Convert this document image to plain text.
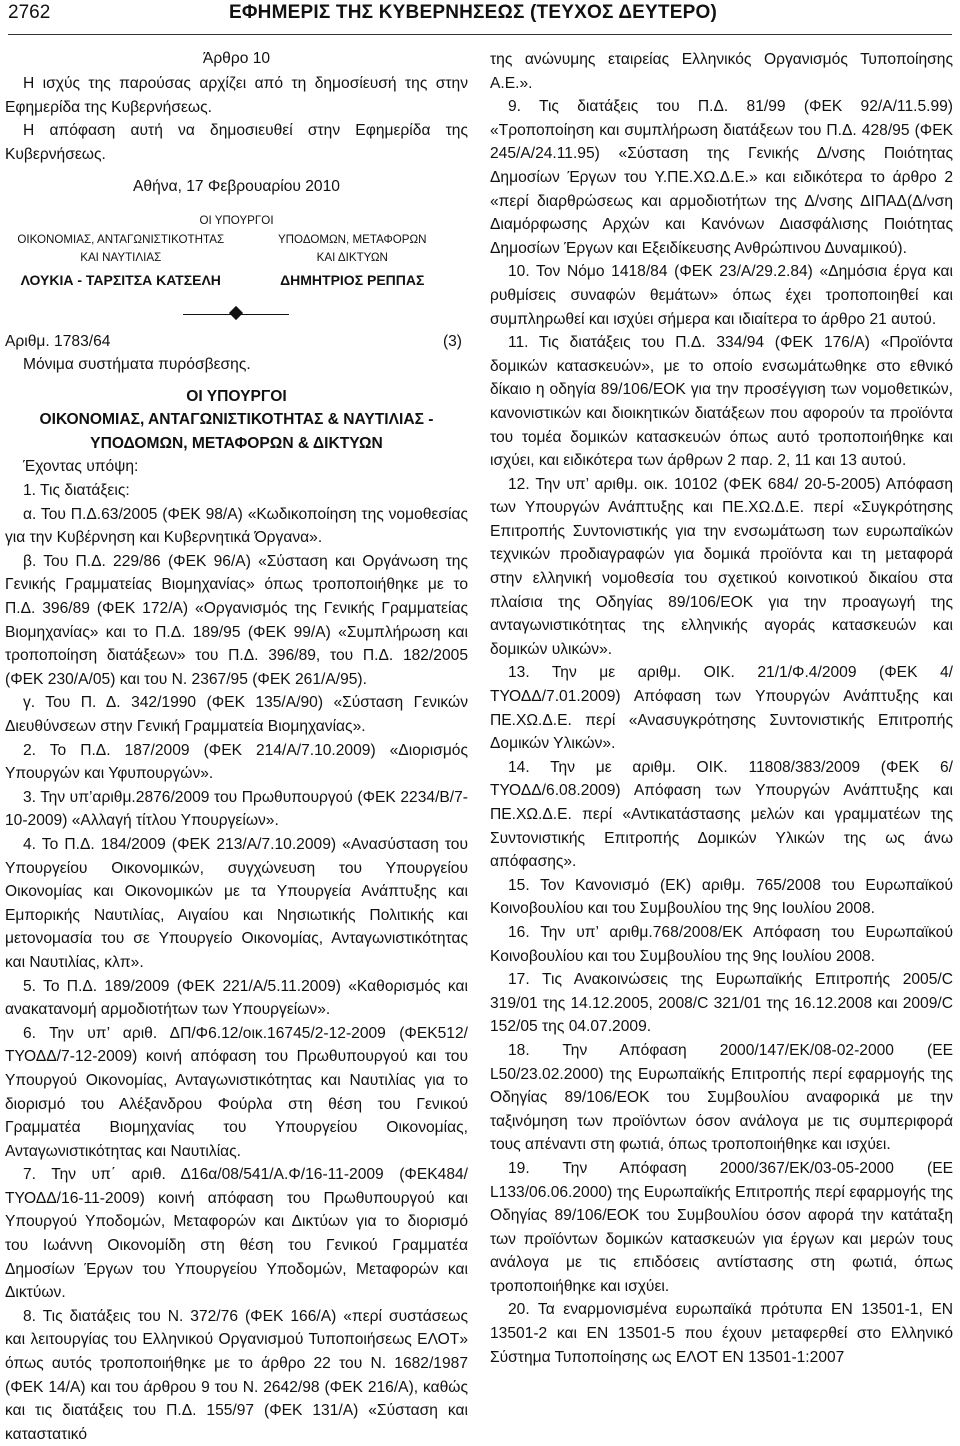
2762	ΕΦΗΜΕΡΙΣ ΤΗΣ ΚΥΒΕΡΝΗΣΕΩΣ (ΤΕΥΧΟΣ ΔΕΥΤΕΡΟ)
Άρθρο 10

Η ισχύς της παρούσας αρχίζει από τη δημοσίευσή της στην Εφημερίδα της Κυβερνήσεως.

Η απόφαση αυτή να δημοσιευθεί στην Εφημερίδα της Κυβερνήσεως.

Αθήνα, 17 Φεβρουαρίου 2010
ΟΙ ΥΠΟΥΡΓΟΙ
ΟΙΚΟΝΟΜΙΑΣ, ΑΝΤΑΓΩΝΙΣΤΙΚΟΤΗΤΑΣ
ΚΑΙ ΝΑΥΤΙΛΙΑΣ
ΛΟΥΚΙΑ - ΤΑΡΣΙΤΣΑ ΚΑΤΣΕΛΗ
ΥΠΟΔΟΜΩΝ, ΜΕΤΑΦΟΡΩΝ
ΚΑΙ ΔΙΚΤΥΩΝ
ΔΗΜΗΤΡΙΟΣ ΡΕΠΠΑΣ
Αριθμ. 1783/64	(3)

Μόνιμα συστήματα πυρόσβεσης.

ΟΙ ΥΠΟΥΡΓΟΙ
ΟΙΚΟΝΟΜΙΑΣ, ΑΝΤΑΓΩΝΙΣΤΙΚΟΤΗΤΑΣ & ΝΑΥΤΙΛΙΑΣ -
ΥΠΟΔΟΜΩΝ, ΜΕΤΑΦΟΡΩΝ & ΔΙΚΤΥΩΝ

Έχοντας υπόψη:

1. Τις διατάξεις:

α. Του Π.Δ.63/2005 (ΦΕΚ 98/Α) «Κωδικοποίηση της νομοθεσίας για την Κυβέρνηση και Κυβερνητικά Όργανα».

β. Του Π.Δ. 229/86 (ΦΕΚ 96/Α) «Σύσταση και Οργάνωση της Γενικής Γραμματείας Βιομηχανίας» όπως τροποποιήθηκε με το Π.Δ. 396/89 (ΦΕΚ 172/Α) «Οργανισμός της Γενικής Γραμματείας Βιομηχανίας» και το Π.Δ. 189/95 (ΦΕΚ 99/Α) «Συμπλήρωση και τροποποίηση διατάξεων» του Π.Δ. 396/89, του Π.Δ. 182/2005 (ΦΕΚ 230/Α/05) και του Ν. 2367/95 (ΦΕΚ 261/Α/95).

γ. Του Π. Δ. 342/1990 (ΦΕΚ 135/Α/90) «Σύσταση Γενικών Διευθύνσεων στην Γενική Γραμματεία Βιομηχανίας».

2. Το Π.Δ. 187/2009 (ΦΕΚ 214/Α/7.10.2009) «Διορισμός Υπουργών και Υφυπουργών».

3. Την υπ’αριθμ.2876/2009 του Πρωθυπουργού (ΦΕΚ 2234/Β/7-10-2009) «Αλλαγή τίτλου Υπουργείων».

4. Το Π.Δ. 184/2009 (ΦΕΚ 213/Α/7.10.2009) «Ανασύσταση του Υπουργείου Οικονομικών, συγχώνευση του Υπουργείου Οικονομίας και Οικονομικών με τα Υπουργεία Ανάπτυξης και Εμπορικής Ναυτιλίας, Αιγαίου και Νησιωτικής Πολιτικής και μετονομασία του σε Υπουργείο Οικονομίας, Ανταγωνιστικότητας και Ναυτιλίας, κλπ».

5. Το Π.Δ. 189/2009 (ΦΕΚ 221/Α/5.11.2009) «Καθορισμός και ανακατανομή αρμοδιοτήτων των Υπουργείων».

6. Την υπ’ αριθ. ΔΠ/Φ6.12/οικ.16745/2-12-2009 (ΦΕΚ512/ΤΥΟΔΔ/7-12-2009) κοινή απόφαση του Πρωθυπουργού και του Υπουργού Οικονομίας, Ανταγωνιστικότητας και Ναυτιλίας για το διορισμό του Αλέξανδρου Φούρλα στη θέση του Γενικού Γραμματέα Βιομηχανίας του Υπουργείου Οικονομίας, Ανταγωνιστικότητας και Ναυτιλίας.

7. Την υπ΄ αριθ. Δ16α/08/541/Α.Φ/16-11-2009 (ΦΕΚ484/ΤΥΟΔΔ/16-11-2009) κοινή απόφαση του Πρωθυπουργού και Υπουργού Υποδομών, Μεταφορών και Δικτύων για το διορισμό του Ιωάννη Οικονομίδη στη θέση του Γενικού Γραμματέα Δημοσίων Έργων του Υπουργείου Υποδομών, Μεταφορών και Δικτύων.

8. Τις διατάξεις του Ν. 372/76 (ΦΕΚ 166/Α) «περί συστάσεως και λειτουργίας του Ελληνικού Οργανισμού Τυποποιήσεως ΕΛΟΤ» όπως αυτός τροποποιήθηκε με το άρθρο 22 του Ν. 1682/1987 (ΦΕΚ 14/Α) και του άρθρου 9 του Ν. 2642/98 (ΦΕΚ 216/Α), καθώς και τις διατάξεις του Π.Δ. 155/97 (ΦΕΚ 131/Α) «Σύσταση και καταστατικό

της ανώνυμης εταιρείας Ελληνικός Οργανισμός Τυποποίησης Α.Ε.».

9. Τις διατάξεις του Π.Δ. 81/99 (ΦΕΚ 92/Α/11.5.99) «Τροποποίηση και συμπλήρωση διατάξεων του Π.Δ. 428/95 (ΦΕΚ 245/Α/24.11.95) «Σύσταση της Γενικής Δ/νσης Ποιότητας Δημοσίων Έργων του Υ.ΠΕ.ΧΩ.Δ.Ε.» και ειδικότερα το άρθρο 2 «περί διαρθρώσεως και αρμοδιοτήτων της Δ/νσης ΔΙΠΑΔ(Δ/νση Διαμόρφωσης Αρχών και Κανόνων Διασφάλισης Ποιότητας Δημοσίων Έργων και Εξειδίκευσης Ανθρώπινου Δυναμικού).

10. Τον Νόμο 1418/84 (ΦΕΚ 23/Α/29.2.84) «Δημόσια έργα και ρυθμίσεις συναφών θεμάτων» όπως έχει τροποποιηθεί και συμπληρωθεί και ισχύει σήμερα και ιδιαίτερα το άρθρο 21 αυτού.

11. Τις διατάξεις του Π.Δ. 334/94 (ΦΕΚ 176/Α) «Προϊόντα δομικών κατασκευών», με το οποίο ενσωμάτωθηκε στο εθνικό δίκαιο η οδηγία 89/106/ΕΟΚ για την προσέγγιση των νομοθετικών, κανονιστικών και διοικητικών διατάξεων που αφορούν τα προϊόντα του τομέα δομικών κατασκευών όπως αυτό τροποποιήθηκε και ισχύει, και ειδικότερα των άρθρων 2 παρ. 2, 11 και 13 αυτού.

12. Την υπ’ αριθμ. οικ. 10102 (ΦΕΚ 684/ 20-5-2005) Απόφαση των Υπουργών Ανάπτυξης και ΠΕ.ΧΩ.Δ.Ε. περί «Συγκρότησης Επιτροπής Συντονιστικής για την ενσωμάτωση των ευρωπαϊκών τεχνικών προδιαγραφών για δομικά προϊόντα και τη μεταφορά στην ελληνική νομοθεσία του σχετικού κοινοτικού δικαίου στα πλαίσια της Οδηγίας 89/106/ΕΟΚ για την προαγωγή της ανταγωνιστικότητας της ελληνικής αγοράς κατασκευών και δομικών υλικών».

13. Την με αριθμ. ΟΙΚ. 21/1/Φ.4/2009 (ΦΕΚ 4/ΤΥΟΔΔ/7.01.2009) Απόφαση των Υπουργών Ανάπτυξης και ΠΕ.ΧΩ.Δ.Ε. περί «Ανασυγκρότησης Συντονιστικής Επιτροπής Δομικών Υλικών».

14. Την με αριθμ. ΟΙΚ. 11808/383/2009 (ΦΕΚ 6/ΤΥΟΔΔ/6.08.2009) Απόφαση των Υπουργών Ανάπτυξης και ΠΕ.ΧΩ.Δ.Ε. περί «Αντικατάστασης μελών και γραμματέων της Συντονιστικής Επιτροπής Δομικών Υλικών της ως άνω απόφασης».

15. Τον Κανονισμό (ΕΚ) αριθμ. 765/2008 του Ευρωπαϊκού Κοινοβουλίου και του Συμβουλίου της 9ης Ιουλίου 2008.

16. Την υπ’ αριθμ.768/2008/ΕΚ Απόφαση του Ευρωπαϊκού Κοινοβουλίου και του Συμβουλίου της 9ης Ιουλίου 2008.

17. Τις Ανακοινώσεις της Ευρωπαϊκής Επιτροπής 2005/C 319/01 της 14.12.2005, 2008/C 321/01 της 16.12.2008 και 2009/C 152/05 της 04.07.2009.

18. Την Απόφαση 2000/147/ΕΚ/08-02-2000 (ΕΕ L50/23.02.2000) της Ευρωπαϊκής Επιτροπής περί εφαρμογής της Οδηγίας 89/106/ΕΟΚ του Συμβουλίου αναφορικά με την ταξινόμηση των προϊόντων όσον ανάλογα με τις συμπεριφορά τους απέναντι στη φωτιά, όπως τροποποιήθηκε και ισχύει.

19. Την Απόφαση 2000/367/ΕΚ/03-05-2000 (ΕΕ L133/06.06.2000) της Ευρωπαϊκής Επιτροπής περί εφαρμογής της Οδηγίας 89/106/ΕΟΚ του Συμβουλίου όσον αφορά την κατάταξη των προϊόντων δομικών κατασκευών για έργων και μερών τους ανάλογα με τις επιδόσεις αντίστασης στη φωτιά, όπως τροποποιήθηκε και ισχύει.

20. Τα εναρμονισμένα ευρωπαϊκά πρότυπα ΕΝ 13501-1, ΕΝ 13501-2 και ΕΝ 13501-5 που έχουν μεταφερθεί στο Ελληνικό Σύστημα Τυποποίησης ως ΕΛΟΤ ΕΝ 13501-1:2007
